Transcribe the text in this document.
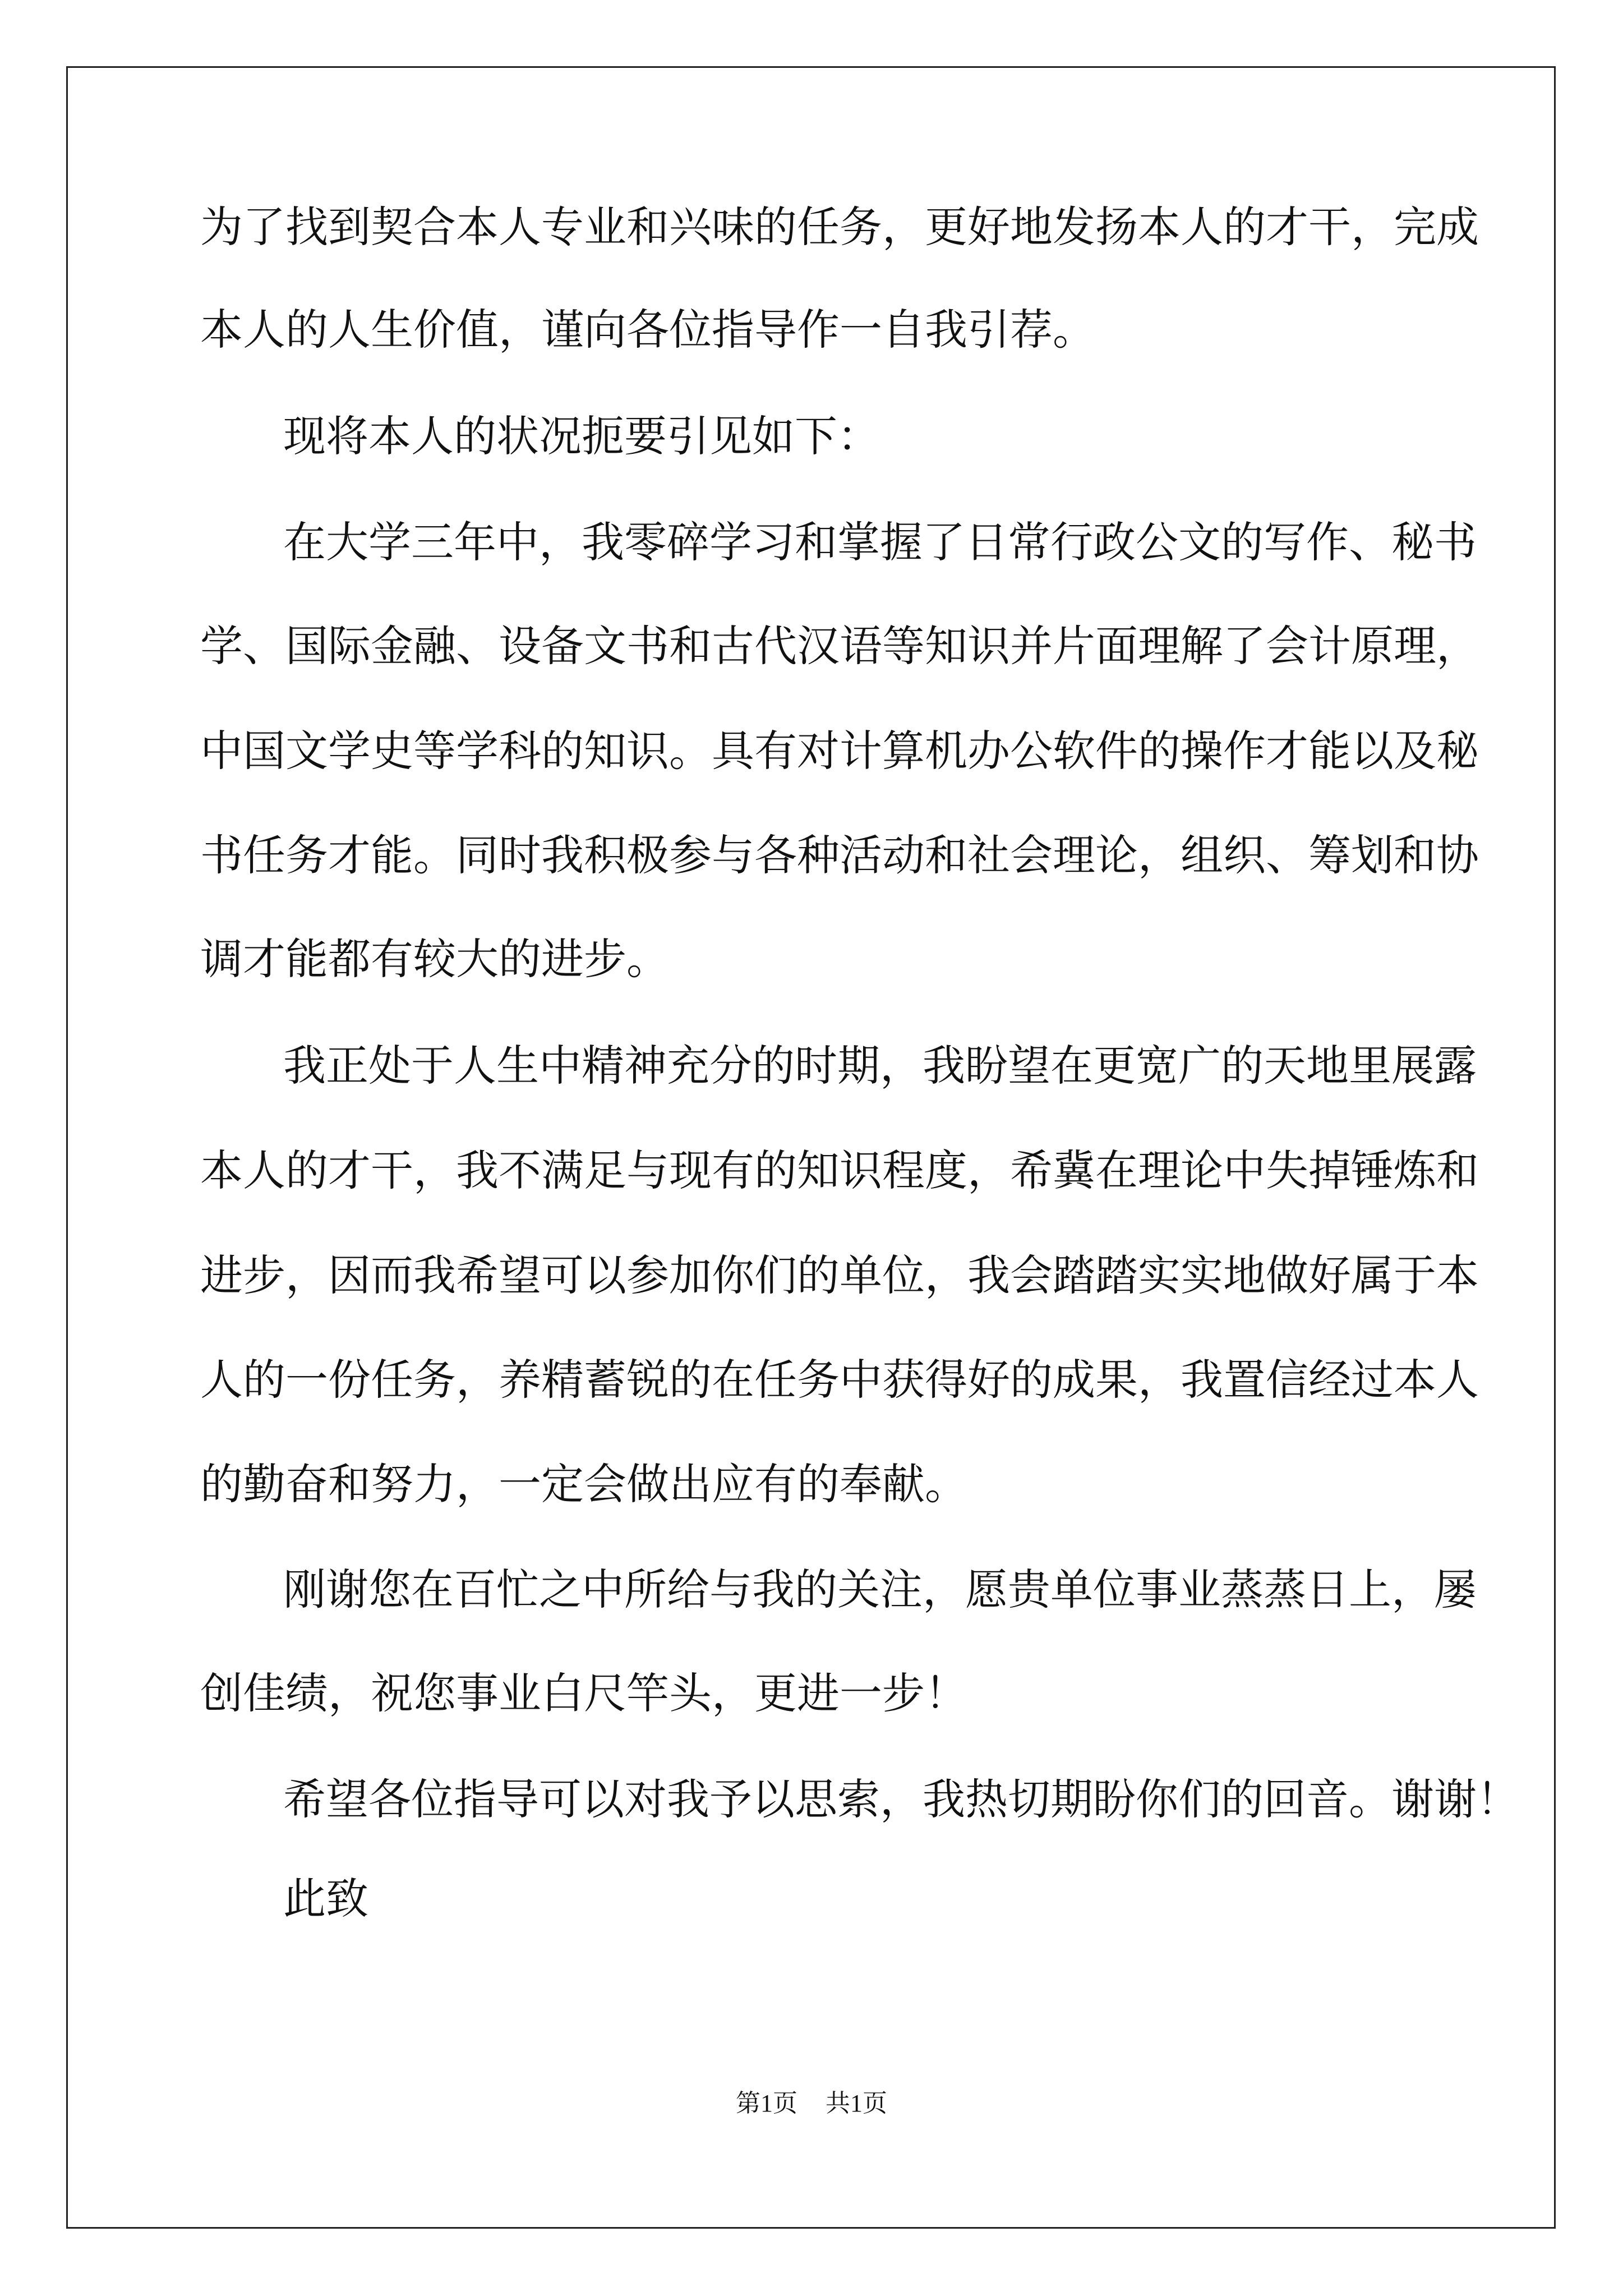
为了找到契合本人专业和兴味的任务，更好地发扬本人的才干，完成
本人的人生价值，谨向各位指导作一自我引荐。
现将本人的状况扼要引见如下：
在大学三年中，我零碎学习和掌握了日常行政公文的写作、秘书
学、国际金融、设备文书和古代汉语等知识并片面理解了会计原理，
中国文学史等学科的知识。具有对计算机办公软件的操作才能以及秘
书任务才能。同时我积极参与各种活动和社会理论，组织、筹划和协
调才能都有较大的进步。
我正处于人生中精神充分的时期，我盼望在更宽广的天地里展露
本人的才干，我不满足与现有的知识程度，希冀在理论中失掉锤炼和
进步，因而我希望可以参加你们的单位，我会踏踏实实地做好属于本
人的一份任务，养精蓄锐的在任务中获得好的成果，我置信经过本人
的勤奋和努力，一定会做出应有的奉献。
刚谢您在百忙之中所给与我的关注，愿贵单位事业蒸蒸日上，屡
创佳绩，祝您事业白尺竿头，更进一步！
希望各位指导可以对我予以思索，我热切期盼你们的回音。谢谢！
此致
第1页 共1页
